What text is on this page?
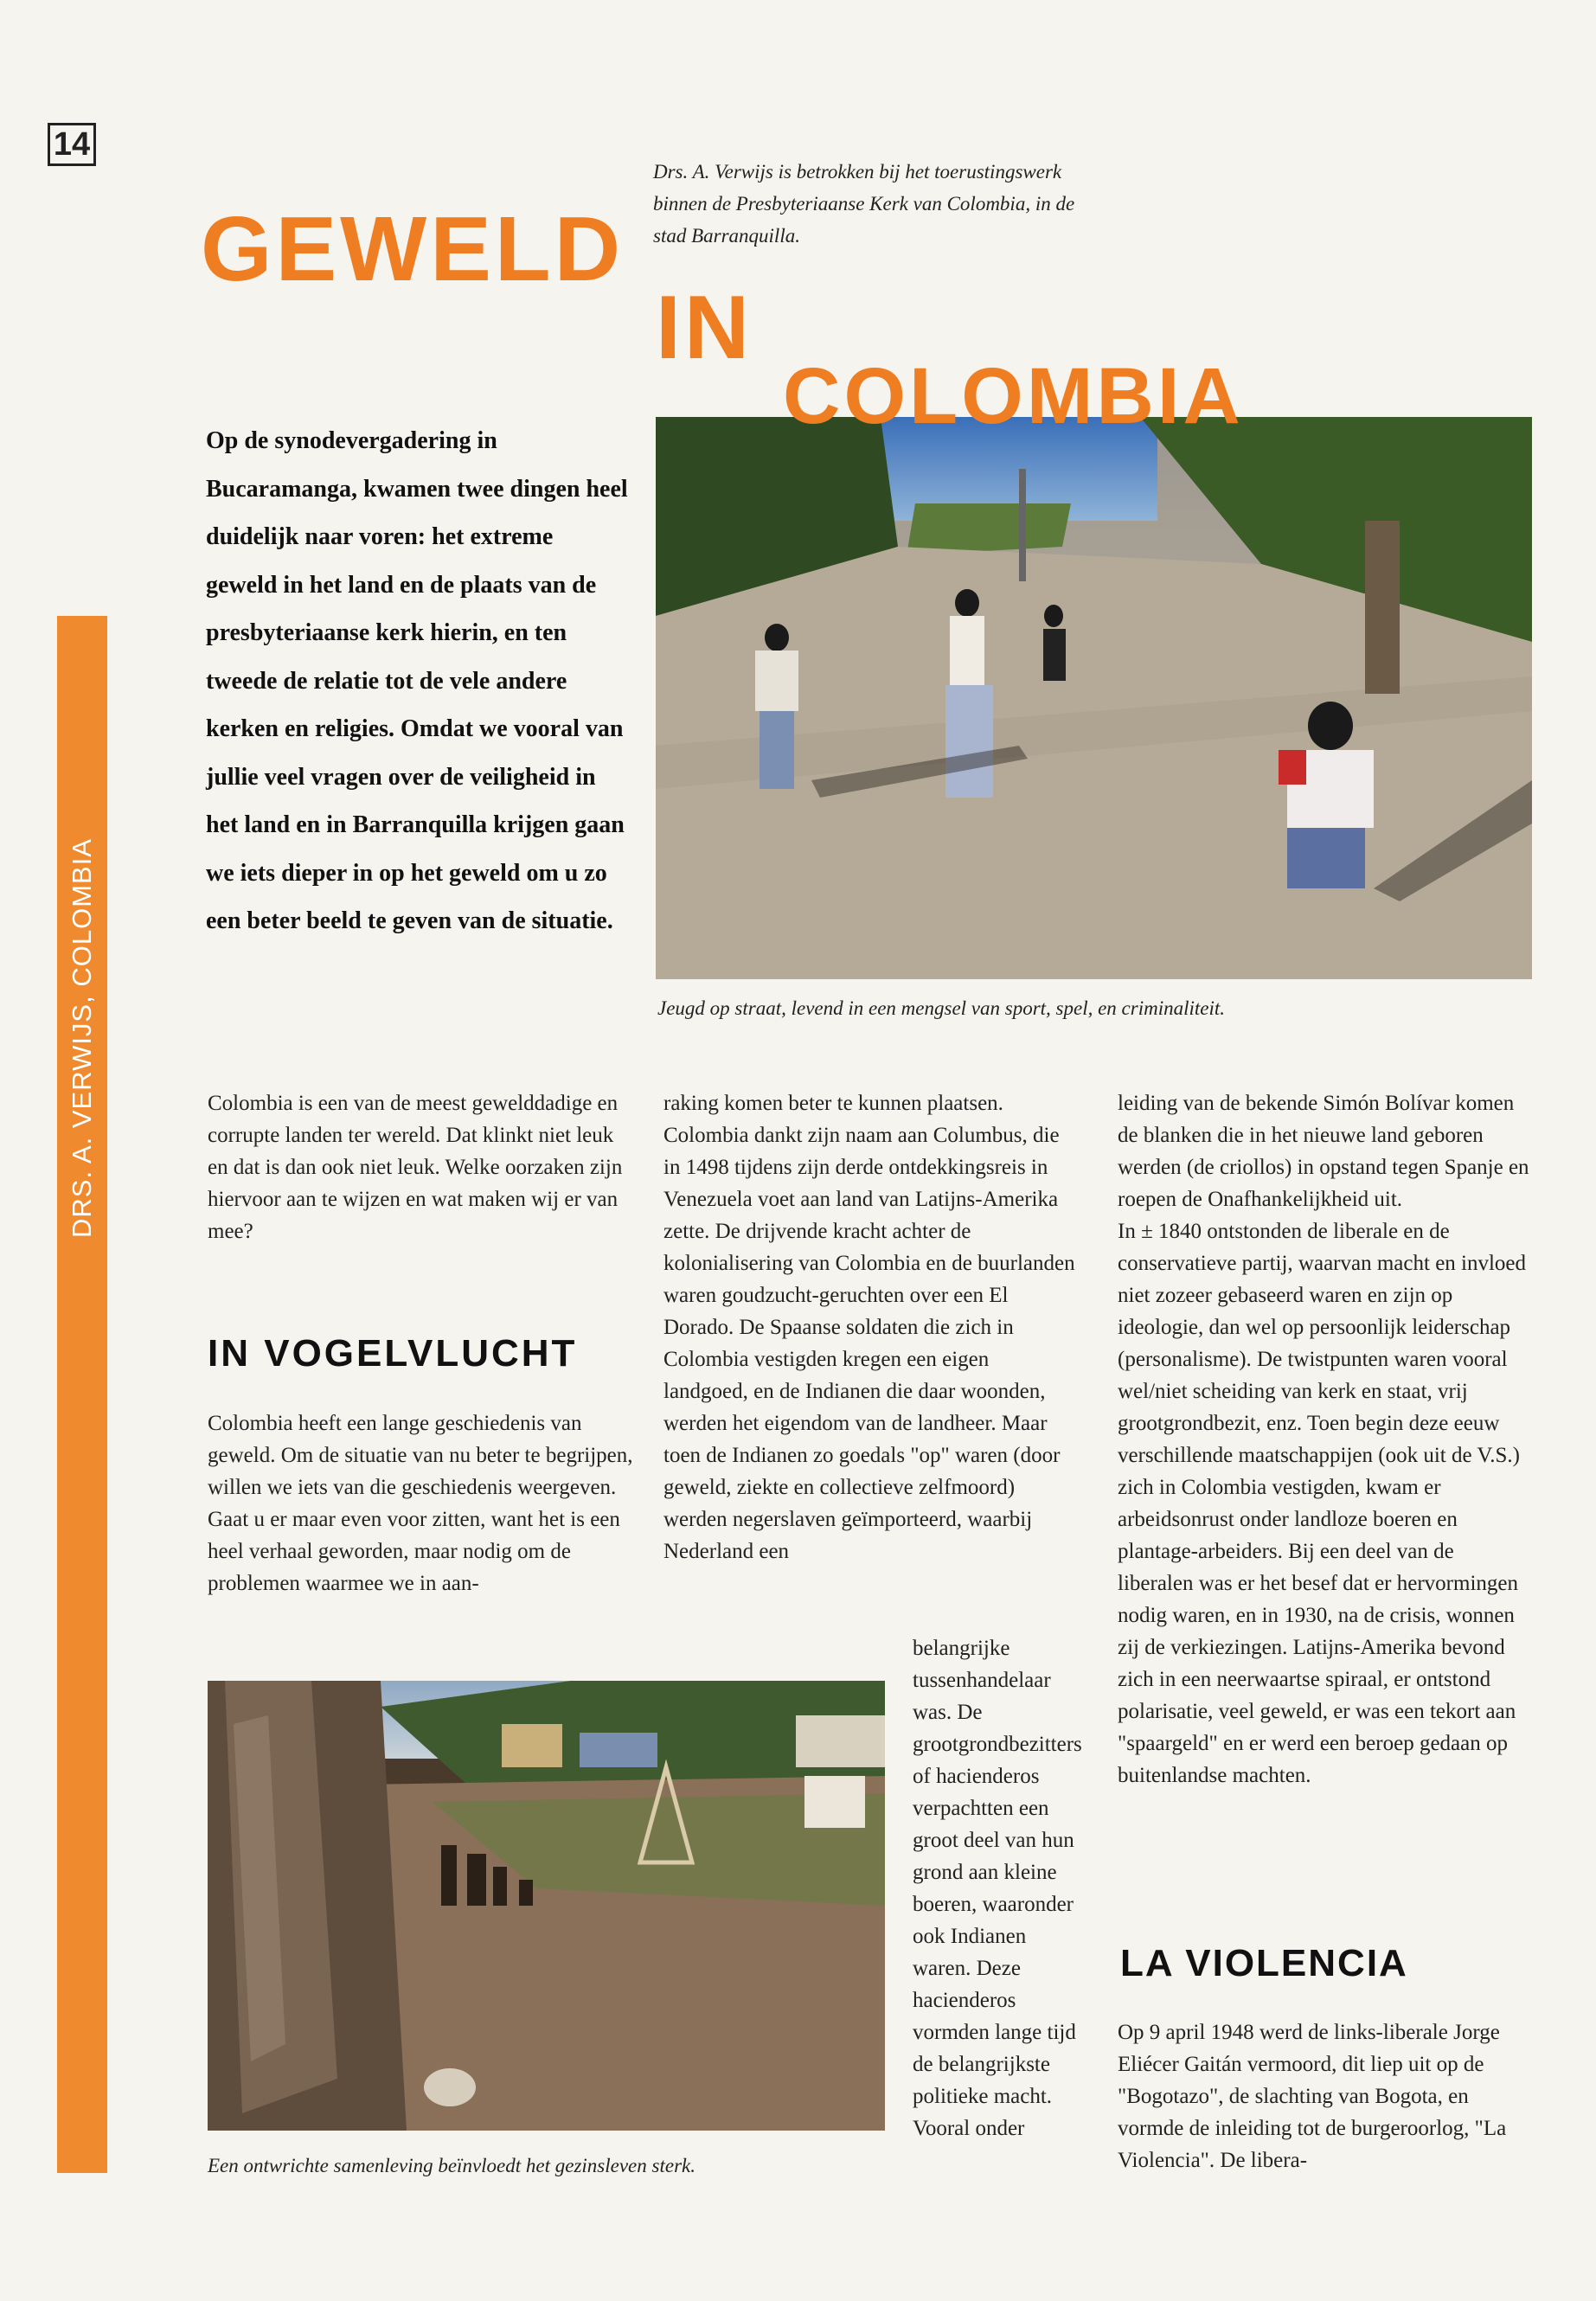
14
DRS. A. VERWIJS, COLOMBIA
GEWELD
IN
COLOMBIA

Drs. A. Verwijs is betrokken bij het toerustingswerk binnen de Presbyteriaanse Kerk van Colombia, in de stad Barranquilla.

Op de synodevergadering in Bucaramanga, kwamen twee dingen heel duidelijk naar voren: het extreme geweld in het land en de plaats van de presbyteriaanse kerk hierin, en ten tweede de relatie tot de vele andere kerken en religies. Omdat we vooral van jullie veel vragen over de veiligheid in het land en in Barranquilla krijgen gaan we iets dieper in op het geweld om u zo een beter beeld te geven van de situatie.

Jeugd op straat, levend in een mengsel van sport, spel, en criminaliteit.

Colombia is een van de meest gewelddadige en corrupte landen ter wereld. Dat klinkt niet leuk en dat is dan ook niet leuk. Welke oorzaken zijn hiervoor aan te wijzen en wat maken wij er van mee?

IN VOGELVLUCHT

Colombia heeft een lange geschiedenis van geweld. Om de situatie van nu beter te begrijpen, willen we iets van die geschiedenis weergeven. Gaat u er maar even voor zitten, want het is een heel verhaal geworden, maar nodig om de problemen waarmee we in aan-

raking komen beter te kunnen plaatsen.
Colombia dankt zijn naam aan Columbus, die in 1498 tijdens zijn derde ontdekkingsreis in Venezuela voet aan land van Latijns-Amerika zette. De drijvende kracht achter de kolonialisering van Colombia en de buurlanden waren goudzucht-geruchten over een El Dorado. De Spaanse soldaten die zich in Colombia vestigden kregen een eigen landgoed, en de Indianen die daar woonden, werden het eigendom van de landheer. Maar toen de Indianen zo goedals "op" waren (door geweld, ziekte en collectieve zelfmoord) werden negerslaven geïmporteerd, waarbij Nederland een

belangrijke tussenhandelaar was. De grootgrondbezitters of hacienderos verpachtten een groot deel van hun grond aan kleine boeren, waaronder ook Indianen waren. Deze hacienderos vormden lange tijd de belangrijkste politieke macht. Vooral onder

leiding van de bekende Simón Bolívar komen de blanken die in het nieuwe land geboren werden (de criollos) in opstand tegen Spanje en roepen de Onafhankelijkheid uit.
In ± 1840 ontstonden de liberale en de conservatieve partij, waarvan macht en invloed niet zozeer gebaseerd waren en zijn op ideologie, dan wel op persoonlijk leiderschap (personalisme). De twistpunten waren vooral wel/niet scheiding van kerk en staat, vrij grootgrondbezit, enz. Toen begin deze eeuw verschillende maatschappijen (ook uit de V.S.) zich in Colombia vestigden, kwam er arbeidsonrust onder landloze boeren en plantage-arbeiders. Bij een deel van de liberalen was er het besef dat er hervormingen nodig waren, en in 1930, na de crisis, wonnen zij de verkiezingen. Latijns-Amerika bevond zich in een neerwaartse spiraal, er ontstond polarisatie, veel geweld, er was een tekort aan "spaargeld" en er werd een beroep gedaan op buitenlandse machten.

LA VIOLENCIA

Op 9 april 1948 werd de links-liberale Jorge Eliécer Gaitán vermoord, dit liep uit op de "Bogotazo", de slachting van Bogota, en vormde de inleiding tot de burgeroorlog, "La Violencia". De libera-

Een ontwrichte samenleving beïnvloedt het gezinsleven sterk.
